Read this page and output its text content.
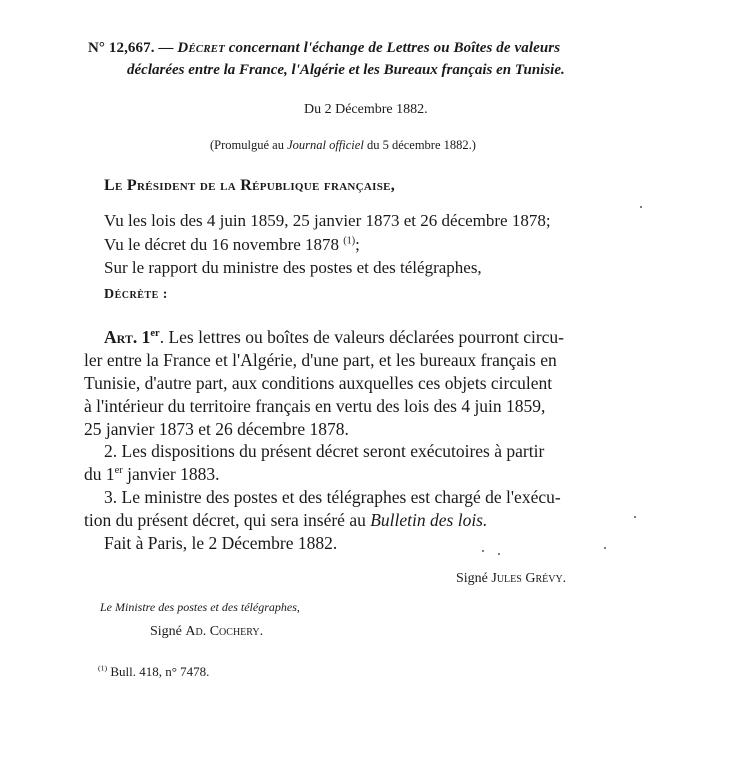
N° 12,667. — Décret concernant l'échange de Lettres ou Boîtes de valeurs
déclarées entre la France, l'Algérie et les Bureaux français en Tunisie.
Du 2 Décembre 1882.
(Promulgué au Journal officiel du 5 décembre 1882.)
Le Président de la République française,
Vu les lois des 4 juin 1859, 25 janvier 1873 et 26 décembre 1878;
Vu le décret du 16 novembre 1878 $^{(1)}$;
Sur le rapport du ministre des postes et des télégraphes,
Décrète :
Art. 1er. Les lettres ou boîtes de valeurs déclarées pourront circu-
ler entre la France et l'Algérie, d'une part, et les bureaux français en
Tunisie, d'autre part, aux conditions auxquelles ces objets circulent
à l'intérieur du territoire français en vertu des lois des 4 juin 1859,
25 janvier 1873 et 26 décembre 1878.
2. Les dispositions du présent décret seront exécutoires à partir
du 1er janvier 1883.
3. Le ministre des postes et des télégraphes est chargé de l'exécu-
tion du présent décret, qui sera inséré au Bulletin des lois.
Fait à Paris, le 2 Décembre 1882.
Signé Jules Grévy.
Le Ministre des postes et des télégraphes,
Signé Ad. Cochery.
$^{(1)}$ Bull. 418, n° 7478.
